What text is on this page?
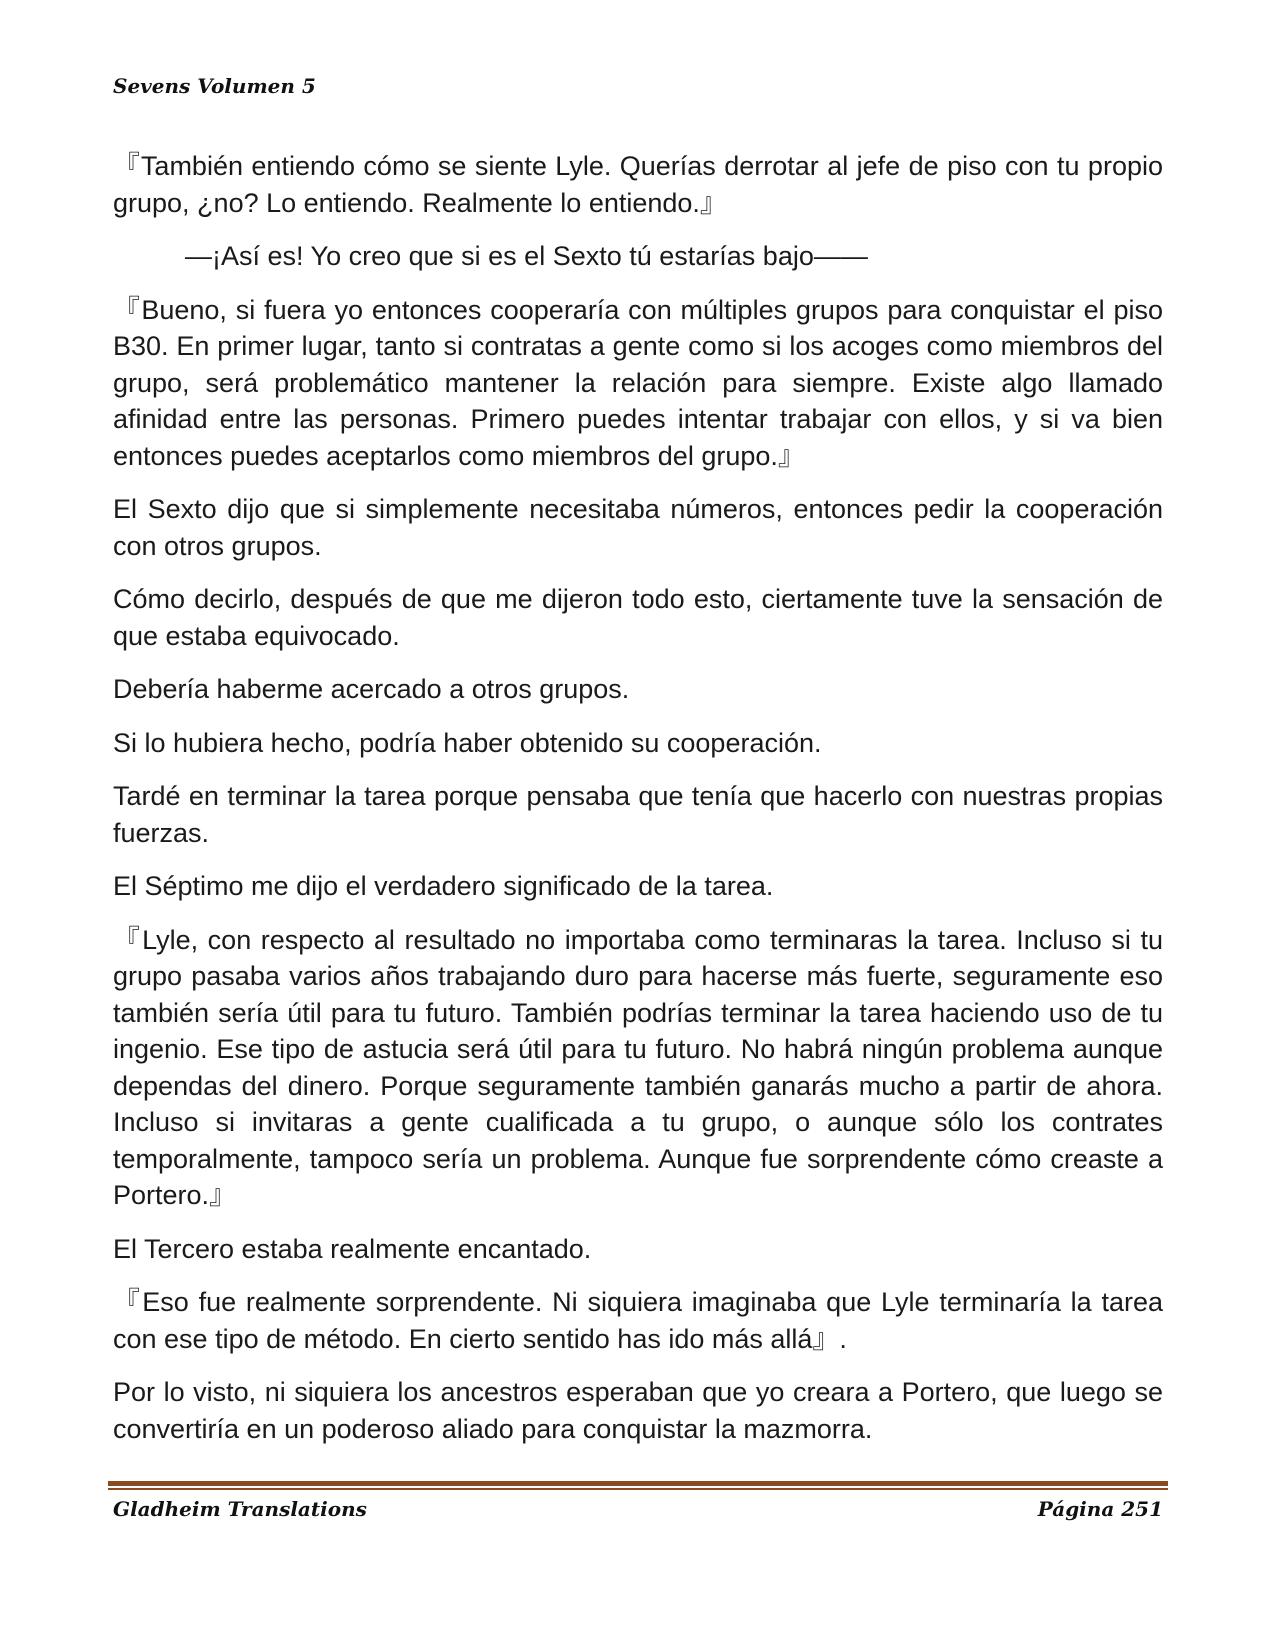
Sevens Volumen 5

『También entiendo cómo se siente Lyle. Querías derrotar al jefe de piso con tu propio grupo, ¿no? Lo entiendo. Realmente lo entiendo.』

—¡Así es! Yo creo que si es el Sexto tú estarías bajo——

『Bueno, si fuera yo entonces cooperaría con múltiples grupos para conquistar el piso B30. En primer lugar, tanto si contratas a gente como si los acoges como miembros del grupo, será problemático mantener la relación para siempre. Existe algo llamado afinidad entre las personas. Primero puedes intentar trabajar con ellos, y si va bien entonces puedes aceptarlos como miembros del grupo.』

El Sexto dijo que si simplemente necesitaba números, entonces pedir la cooperación con otros grupos.

Cómo decirlo, después de que me dijeron todo esto, ciertamente tuve la sensación de que estaba equivocado.

Debería haberme acercado a otros grupos.

Si lo hubiera hecho, podría haber obtenido su cooperación.

Tardé en terminar la tarea porque pensaba que tenía que hacerlo con nuestras propias fuerzas.

El Séptimo me dijo el verdadero significado de la tarea.

『Lyle, con respecto al resultado no importaba como terminaras la tarea. Incluso si tu grupo pasaba varios años trabajando duro para hacerse más fuerte, seguramente eso también sería útil para tu futuro. También podrías terminar la tarea haciendo uso de tu ingenio. Ese tipo de astucia será útil para tu futuro. No habrá ningún problema aunque dependas del dinero. Porque seguramente también ganarás mucho a partir de ahora. Incluso si invitaras a gente cualificada a tu grupo, o aunque sólo los contrates temporalmente, tampoco sería un problema. Aunque fue sorprendente cómo creaste a Portero.』

El Tercero estaba realmente encantado.

『Eso fue realmente sorprendente. Ni siquiera imaginaba que Lyle terminaría la tarea con ese tipo de método. En cierto sentido has ido más allá』.

Por lo visto, ni siquiera los ancestros esperaban que yo creara a Portero, que luego se convertiría en un poderoso aliado para conquistar la mazmorra.

Gladheim Translations	Página 251
